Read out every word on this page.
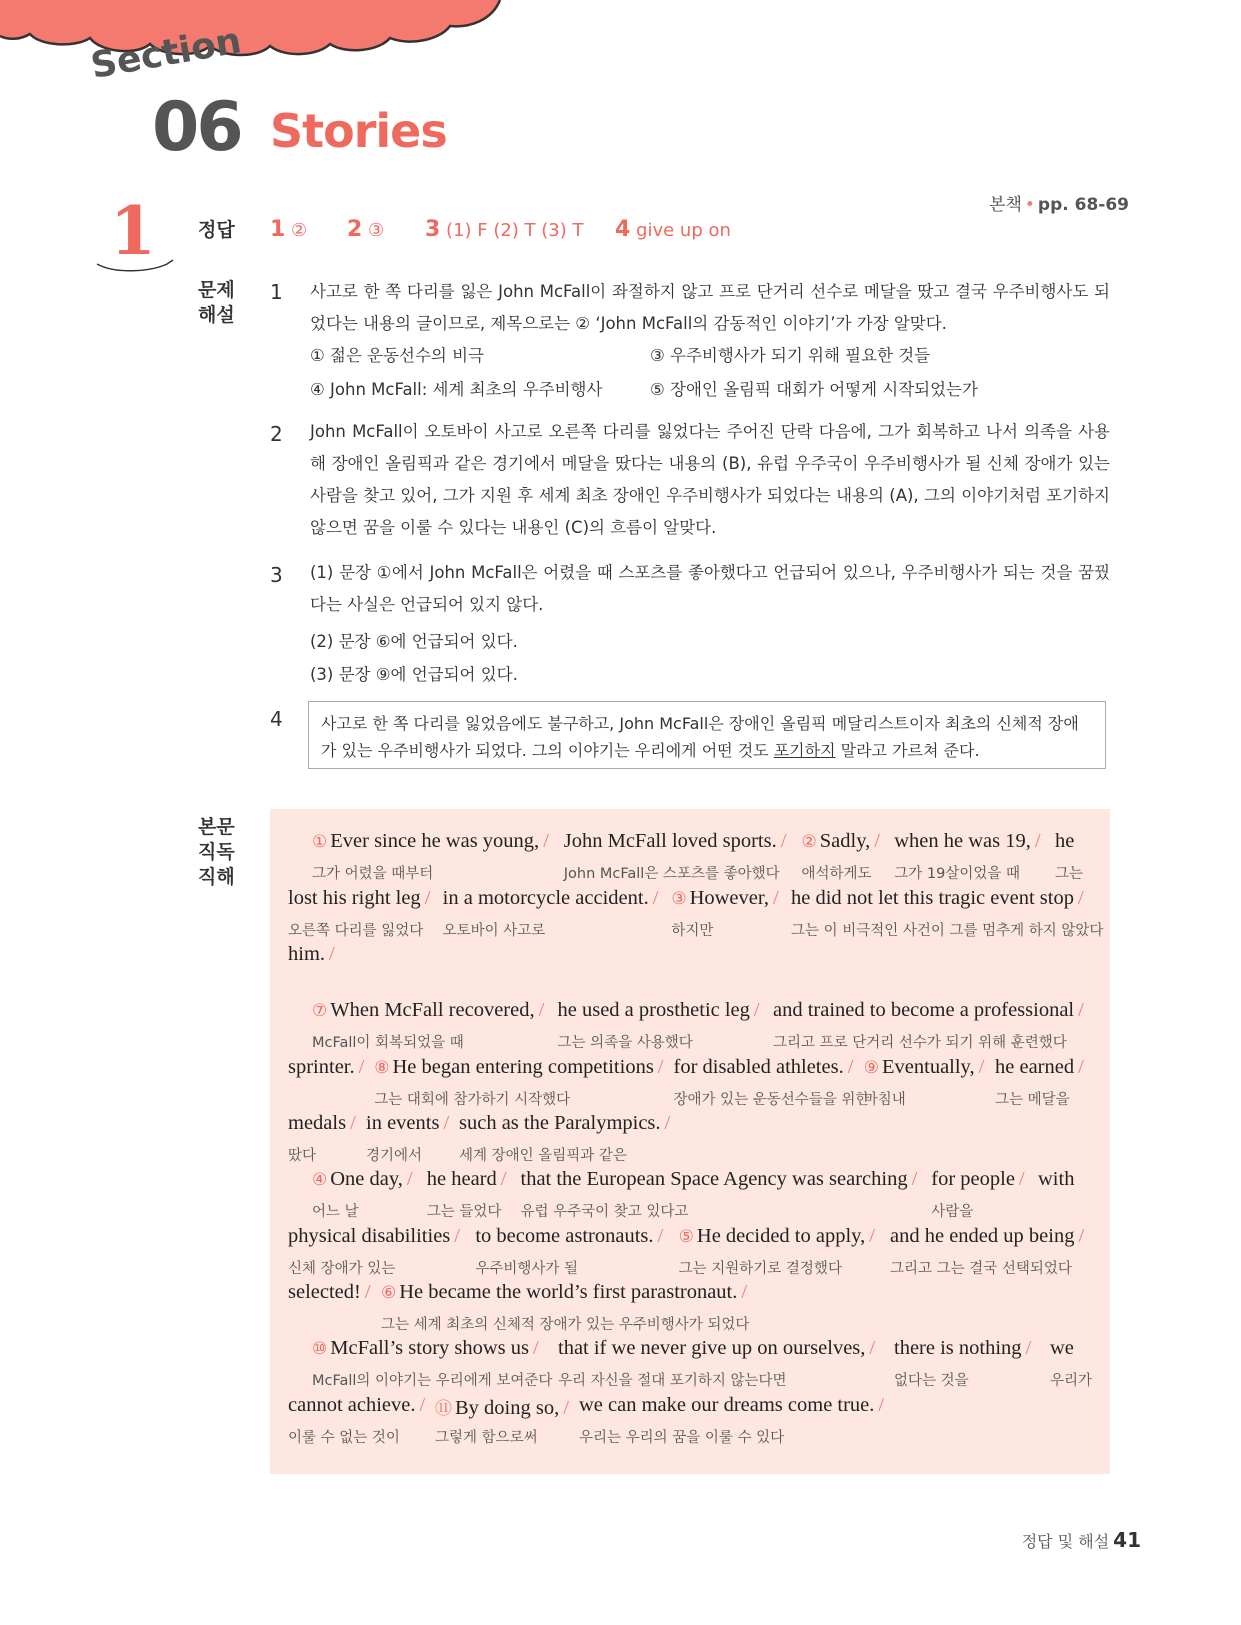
Section
06 Stories
본책 • pp. 68-69
1 정답 1 ② 2 ③ 3 (1) F (2) T (3) T 4 give up on
문제 해설
1 사고로 한 쪽 다리를 잃은 John McFall이 좌절하지 않고 프로 단거리 선수로 메달을 땄고 결국 우주비행사도 되었다는 내용의 글이므로, 제목으로는 ② ‘John McFall의 감동적인 이야기’가 가장 알맞다.
① 젊은 운동선수의 비극	③ 우주비행사가 되기 위해 필요한 것들
④ John McFall: 세계 최초의 우주비행사	⑤ 장애인 올림픽 대회가 어떻게 시작되었는가
2 John McFall이 오토바이 사고로 오른쪽 다리를 잃었다는 주어진 단락 다음에, 그가 회복하고 나서 의족을 사용해 장애인 올림픽과 같은 경기에서 메달을 땄다는 내용의 (B), 유럽 우주국이 우주비행사가 될 신체 장애가 있는 사람을 찾고 있어, 그가 지원 후 세계 최초 장애인 우주비행사가 되었다는 내용의 (A), 그의 이야기처럼 포기하지 않으면 꿈을 이룰 수 있다는 내용인 (C)의 흐름이 알맞다.
3 (1) 문장 ①에서 John McFall은 어렸을 때 스포츠를 좋아했다고 언급되어 있으나, 우주비행사가 되는 것을 꿈꿨다는 사실은 언급되어 있지 않다.
(2) 문장 ⑥에 언급되어 있다.
(3) 문장 ⑨에 언급되어 있다.
4	사고로 한 쪽 다리를 잃었음에도 불구하고, John McFall은 장애인 올림픽 메달리스트이자 최초의 신체적 장애가 있는 우주비행사가 되었다. 그의 이야기는 우리에게 어떤 것도 포기하지 말라고 가르쳐 준다.
본문 직독 직해
① Ever since he was young, /
그가 어렸을 때부터
John McFall loved sports. /
John McFall은 스포츠를 좋아했다
② Sadly, /
애석하게도
when he was 19, /
그가 19살이었을 때
he
그는
lost his right leg /
오른쪽 다리를 잃었다
in a motorcycle accident. /
오토바이 사고로
③ However, /
하지만
he did not let this tragic event stop /
그는 이 비극적인 사건이 그를 멈추게 하지 않았다
him. /
⑦ When McFall recovered, /
McFall이 회복되었을 때
he used a prosthetic leg /
그는 의족을 사용했다
and trained to become a professional /
그리고 프로 단거리 선수가 되기 위해 훈련했다
sprinter. / ⑧ He began entering competitions /
그는 대회에 참가하기 시작했다
for disabled athletes. /
장애가 있는 운동선수들을 위한
⑨ Eventually, /
마침내
he earned /
그는 메달을
medals /
땄다
in events /
경기에서
such as the Paralympics. /
세계 장애인 올림픽과 같은
④ One day, /
어느 날
he heard /
그는 들었다
that the European Space Agency was searching /
유럽 우주국이 찾고 있다고
for people /
사람을
with
physical disabilities /
신체 장애가 있는
to become astronauts. /
우주비행사가 될
⑤ He decided to apply, /
그는 지원하기로 결정했다
and he ended up being /
그리고 그는 결국 선택되었다
selected! / ⑥ He became the world’s first parastronaut. /
그는 세계 최초의 신체적 장애가 있는 우주비행사가 되었다
⑩ McFall’s story shows us /
McFall의 이야기는 우리에게 보여준다
that if we never give up on ourselves, /
우리 자신을 절대 포기하지 않는다면
there is nothing /
없다는 것을
we
우리가
cannot achieve. /
이룰 수 없는 것이
⑪ By doing so, /
그렇게 함으로써
we can make our dreams come true. /
우리는 우리의 꿈을 이룰 수 있다
정답 및 해설 41
